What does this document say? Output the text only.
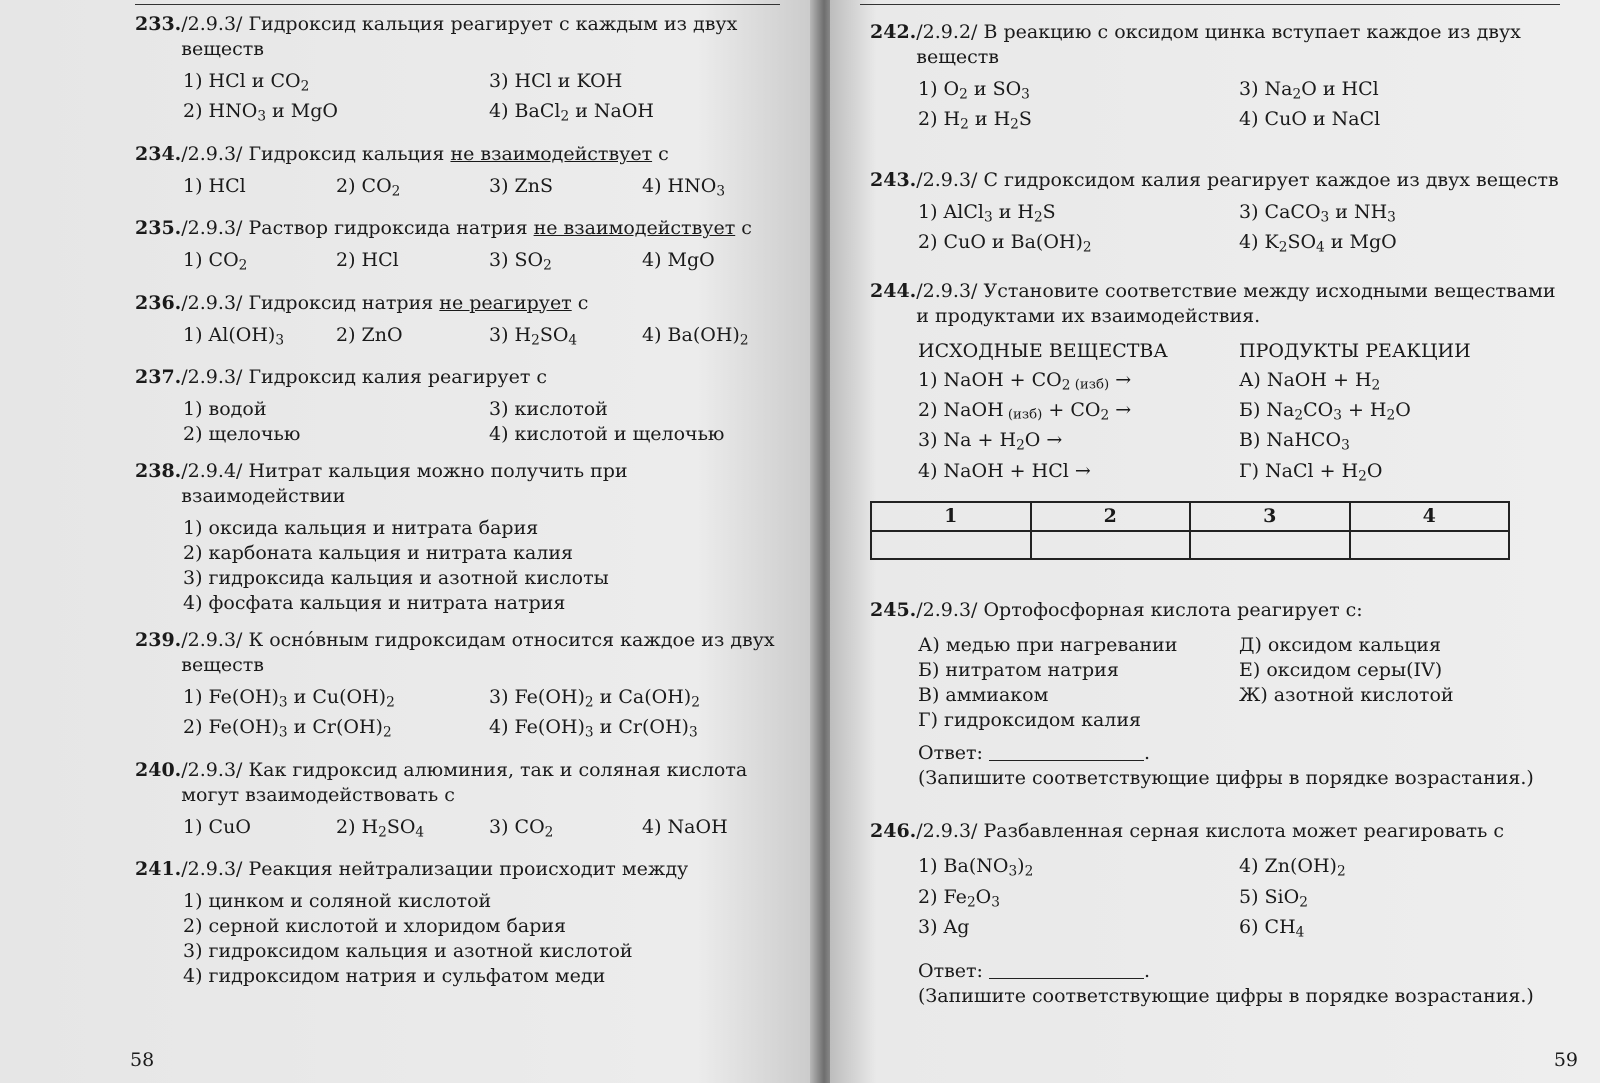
233. /2.9.3/ Гидроксид кальция реагирует с каждым из двух веществ
1) HCl и $CO_2$	3) HCl и KOH
2) $HNO_3$ и MgO	4) BaCl$_2$ и NaOH
234. /2.9.3/ Гидроксид кальция не взаимодействует с
1) HCl	2) $CO_2$	3) ZnS	4) $HNO_3$
235. /2.9.3/ Раствор гидроксида натрия не взаимодействует с
1) $CO_2$	2) HCl	3) $SO_2$	4) MgO
236. /2.9.3/ Гидроксид натрия не реагирует с
1) $Al(OH)_3$	2) ZnO	3) $H_2SO_4$	4) $Ba(OH)_2$
237. /2.9.3/ Гидроксид калия реагирует с
1) водой	3) кислотой
2) щелочью	4) кислотой и щелочью
238. /2.9.4/ Нитрат кальция можно получить при взаимодействии
1) оксида кальция и нитрата бария
2) карбоната кальция и нитрата калия
3) гидроксида кальция и азотной кислоты
4) фосфата кальция и нитрата натрия
239. /2.9.3/ К оснóвным гидроксидам относится каждое из двух веществ
1) $Fe(OH)_3$ и $Cu(OH)_2$	3) $Fe(OH)_2$ и $Ca(OH)_2$
2) $Fe(OH)_3$ и $Cr(OH)_2$	4) $Fe(OH)_3$ и $Cr(OH)_3$
240. /2.9.3/ Как гидроксид алюминия, так и соляная кислота могут взаимодействовать с
1) CuO	2) $H_2SO_4$	3) $CO_2$	4) NaOH
241. /2.9.3/ Реакция нейтрализации происходит между
1) цинком и соляной кислотой
2) серной кислотой и хлоридом бария
3) гидроксидом кальция и азотной кислотой
4) гидроксидом натрия и сульфатом меди
58
242. /2.9.2/ В реакцию с оксидом цинка вступает каждое из двух веществ
1) $O_2$ и $SO_3$	3) $Na_2O$ и HCl
2) $H_2$ и $H_2S$	4) CuO и NaCl
243. /2.9.3/ С гидроксидом калия реагирует каждое из двух веществ
1) AlCl$_3$ и $H_2S$	3) CaCO$_3$ и $NH_3$
2) CuO и $Ba(OH)_2$	4) $K_2SO_4$ и MgO
244. /2.9.3/ Установите соответствие между исходными веществами и продуктами их взаимодействия.
ИСХОДНЫЕ ВЕЩЕСТВА	ПРОДУКТЫ РЕАКЦИИ
1) NaOH + $CO_2$ (изб) →	А) NaOH + $H_2$
2) NaOH $(изб) + CO_2$ →	Б) $Na_2CO_3 + H_2O$
3) $Na + H_2O$ →	В) NaHCO$_3$
4) NaOH + HCl →	Г) NaCl + $H_2O$
1	2	3	4

245. /2.9.3/ Ортофосфорная кислота реагирует с:
А) медью при нагревании	Д) оксидом кальция
Б) нитратом натрия	Е) оксидом серы(IV)
В) аммиаком	Ж) азотной кислотой
Г) гидроксидом калия
Ответ:	.
(Запишите соответствующие цифры в порядке возрастания.)
246. /2.9.3/ Разбавленная серная кислота может реагировать с
1) $Ba(NO_3)_2$	4) $Zn(OH)_2$
2) $Fe_2O_3$	5) SiO$_2$
3) Ag	6) $CH_4$
Ответ:	.
(Запишите соответствующие цифры в порядке возрастания.)
59
